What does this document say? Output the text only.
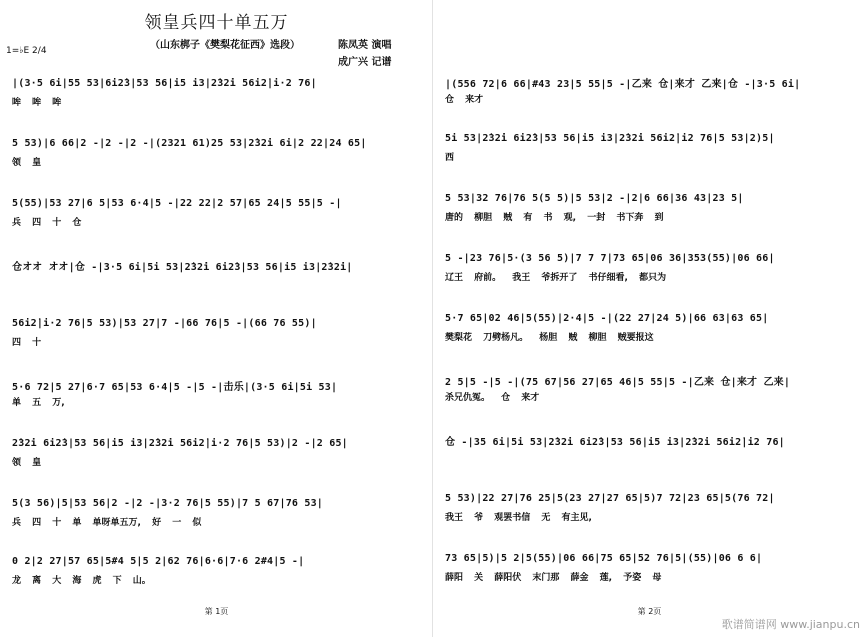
领皇兵四十单五万
（山东梆子《樊梨花征西》选段）	陈凤英 演唱
成广兴 记谱
1=♭E 2/4
|(3·5 6i|55 53|6i2̇3|53 56|i5 i3|2̇32̇i 56i2̇|i·2 76|
哞 哞 哞
5 53)|6 66|2 -|2 -|2 -|(2321 61)25 53|2̇32̇i 6i|2 22|24 65|
领 皇
5(55)|53 27|6 5|53 6·4|5 -|22 22|2 57|65 24|5 55|5 -|
兵 四 十 仓
仓オオ オオ|仓 -|3·5 6i|5i 53|2̇32̇i 6i2̇3|53 56|i5 i3|2̇32̇i|
56i2̇|i·2 76|5 53)|53 27|7 -|66 76|5 -|(66 76 55)|
四 十
5·6 72|5 27|6·7 65|53 6·4|5 -|5 -|击乐|(3·5 6i|5i 53|
单 五 万,
2̇32̇i 6i2̇3|53 56|i5 i3|2̇32̇i 56i2̇|i·2 76|5 53)|2 -|2 65|
领 皇
5(3 56)|5|53 56|2 -|2 -|3·2 76|5 55)|7 5 67|76 53|
兵 四 十 单 单呀单五万, 好 一 似
0 2|2 27|57 65|5#4 5|5 2|62 76|6·6|7·6 2#4|5 -|
龙 离 大 海 虎 下 山。
第 1页
|(556 72|6 66|#43 23|5 55|5 -|乙来 仓|来才 乙来|仓 -|3·5 6i|
仓 来才
5i 53|2̇32̇i 6i2̇3|53 56|i5 i3|2̇32̇i 56i2̇|i2 76|5 53|2)5|
西
5 53|32 76|76 5(5 5)|5 53|2 -|2|6 66|36 43|23 5|
唐的 柳胆 贼 有 书 观, 一封 书下奔 到
5 -|23 76|5·(3 56 5)|7 7 7|73 65|06 36|353(55)|06 66|
辽王 府前。 我王 爷拆开了 书仔细看, 都只为
5·7 65|02 46|5(55)|2·4|5 -|(22 27|24 5)|66 63|63 65|
樊梨花 刀劈杨凡。 杨胆 贼 柳胆 贼要报这
2 5|5 -|5 -|(75 67|56 27|65 46|5 55|5 -|乙来 仓|来才 乙来|
杀兄仇冤。 仓 来才
仓 -|35 6i|5i 53|2̇32̇i 6i2̇3|53 56|i5 i3|2̇32̇i 56i2̇|i2 76|
5 53)|22 27|76 25|5(23 27|27 65|5)7 72|23 65|5(76 72|
我王 爷 观罢书信 无 有主见,
73 65|5)|5 2|5(55)|06 66|75 65|52 76|5|(55)|06 6 6|
薛阳 关 薛阳伏 末门那 薛金 莲, 予姿 母
第 2页
歌谱简谱网 www.jianpu.cn
